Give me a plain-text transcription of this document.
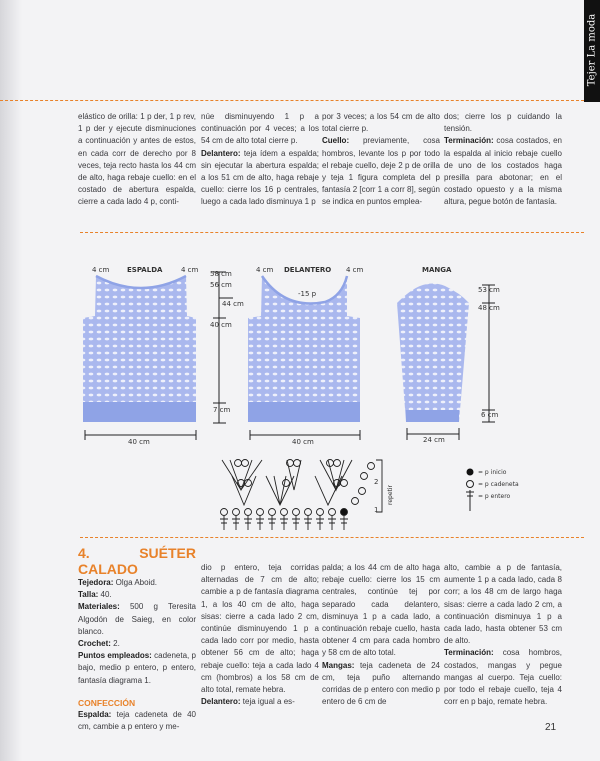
Tejer La moda

elástico de orilla: 1 p der, 1 p rev, 1 p der y ejecute disminuciones a continuación y antes de estos, en cada corr de derecho por 8 veces, teja recto hasta los 44 cm de alto, haga rebaje cuello: en el costado de abertura espalda, cierre a cada lado 4 p, conti-

núe disminuyendo 1 p a continuación por 4 veces; a los 54 cm de alto total cierre p.

Delantero: teja ídem a espalda; sin ejecutar la abertura espalda; a los 51 cm de alto, haga rebaje cuello: cierre los 16 p centrales, luego a cada lado disminuya 1 p

por 3 veces; a los 54 cm de alto total cierre p.

Cuello: previamente, cosa hombros, levante los p por todo el rebaje cuello, deje 2 p de orilla y teja 1 figura completa del p fantasía 2 [corr 1 a corr 8], según se indica en puntos emplea-

dos; cierre los p cuidando la tensión.

Terminación: cosa costados, en la espalda al inicio rebaje cuello de uno de los costados haga presilla para abotonar; en el costado opuesto y a la misma altura, pegue botón de fantasía.

4 cm	ESPALDA	4 cm
40 cm
58 cm
56 cm
44 cm
40 cm
7 cm
4 cm DELANTERO 4 cm
-15 p
40 cm
MANGA
24 cm
53 cm
48 cm
6 cm
2
1
repetir
= p inicio
= p cadeneta
= p entero

4. SUÉTER CALADO

Tejedora: Olga Aboid.

Talla: 40.

Materiales: 500 g Teresita Algodón de Saieg, en color blanco.

Crochet: 2.

Puntos empleados: cadeneta, p bajo, medio p entero, p entero, fantasía diagrama 1.

CONFECCIÓN

Espalda: teja cadeneta de 40 cm, cambie a p entero y me-

dio p entero, teja corridas alternadas de 7 cm de alto; cambie a p de fantasía diagrama 1, a los 40 cm de alto, haga sisas: cierre a cada lado 2 cm, continúe disminuyendo 1 p a cada lado corr por medio, hasta obtener 56 cm de alto; haga rebaje cuello: teja a cada lado 4 cm (hombros) a los 58 cm de alto total, remate hebra.

Delantero: teja igual a es-

palda; a los 44 cm de alto haga rebaje cuello: cierre los 15 cm centrales, continúe tej por separado cada delantero, disminuya 1 p a cada lado, a continuación rebaje cuello, hasta obtener 4 cm para cada hombro y 58 cm de alto total.

Mangas: teja cadeneta de 24 cm, teja puño alternando corridas de p entero con medio p entero de 6 cm de

alto, cambie a p de fantasía, aumente 1 p a cada lado, cada 8 corr; a los 48 cm de largo haga sisas: cierre a cada lado 2 cm, a continuación disminuya 1 p a cada lado, hasta obtener 53 cm de alto.

Terminación: cosa hombros, costados, mangas y pegue mangas al cuerpo. Teja cuello: por todo el rebaje cuello, teja 4 corr en p bajo, remate hebra.

21
